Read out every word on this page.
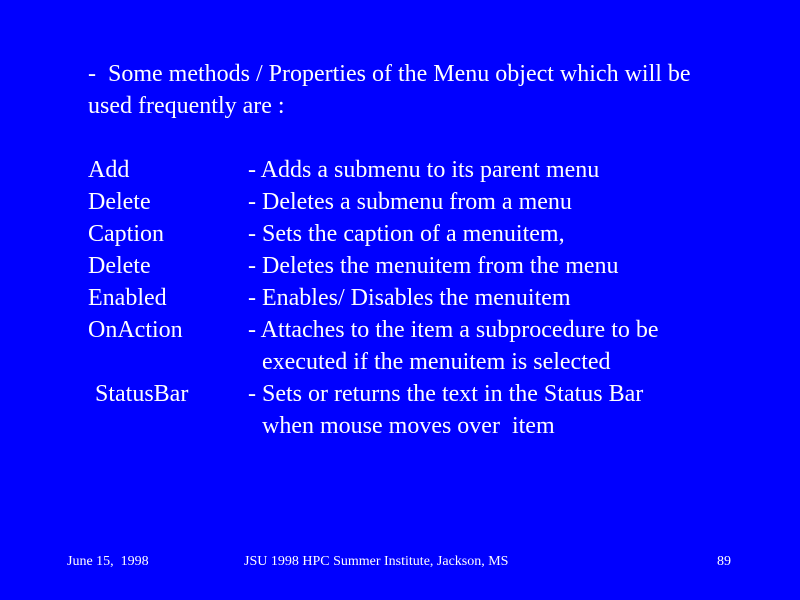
-  Some methods / Properties of the Menu object which will be
used frequently are :
Add	- Adds a submenu to its parent menu
Delete	- Deletes a submenu from a menu
Caption	- Sets the caption of a menuitem,
Delete	- Deletes the menuitem from the menu
Enabled	- Enables/ Disables the menuitem
OnAction	- Attaches to the item a subprocedure to be
executed if the menuitem is selected
StatusBar - Sets or returns the text in the Status Bar
when mouse moves over  item
June 15,  1998	JSU 1998 HPC Summer Institute, Jackson, MS	89
